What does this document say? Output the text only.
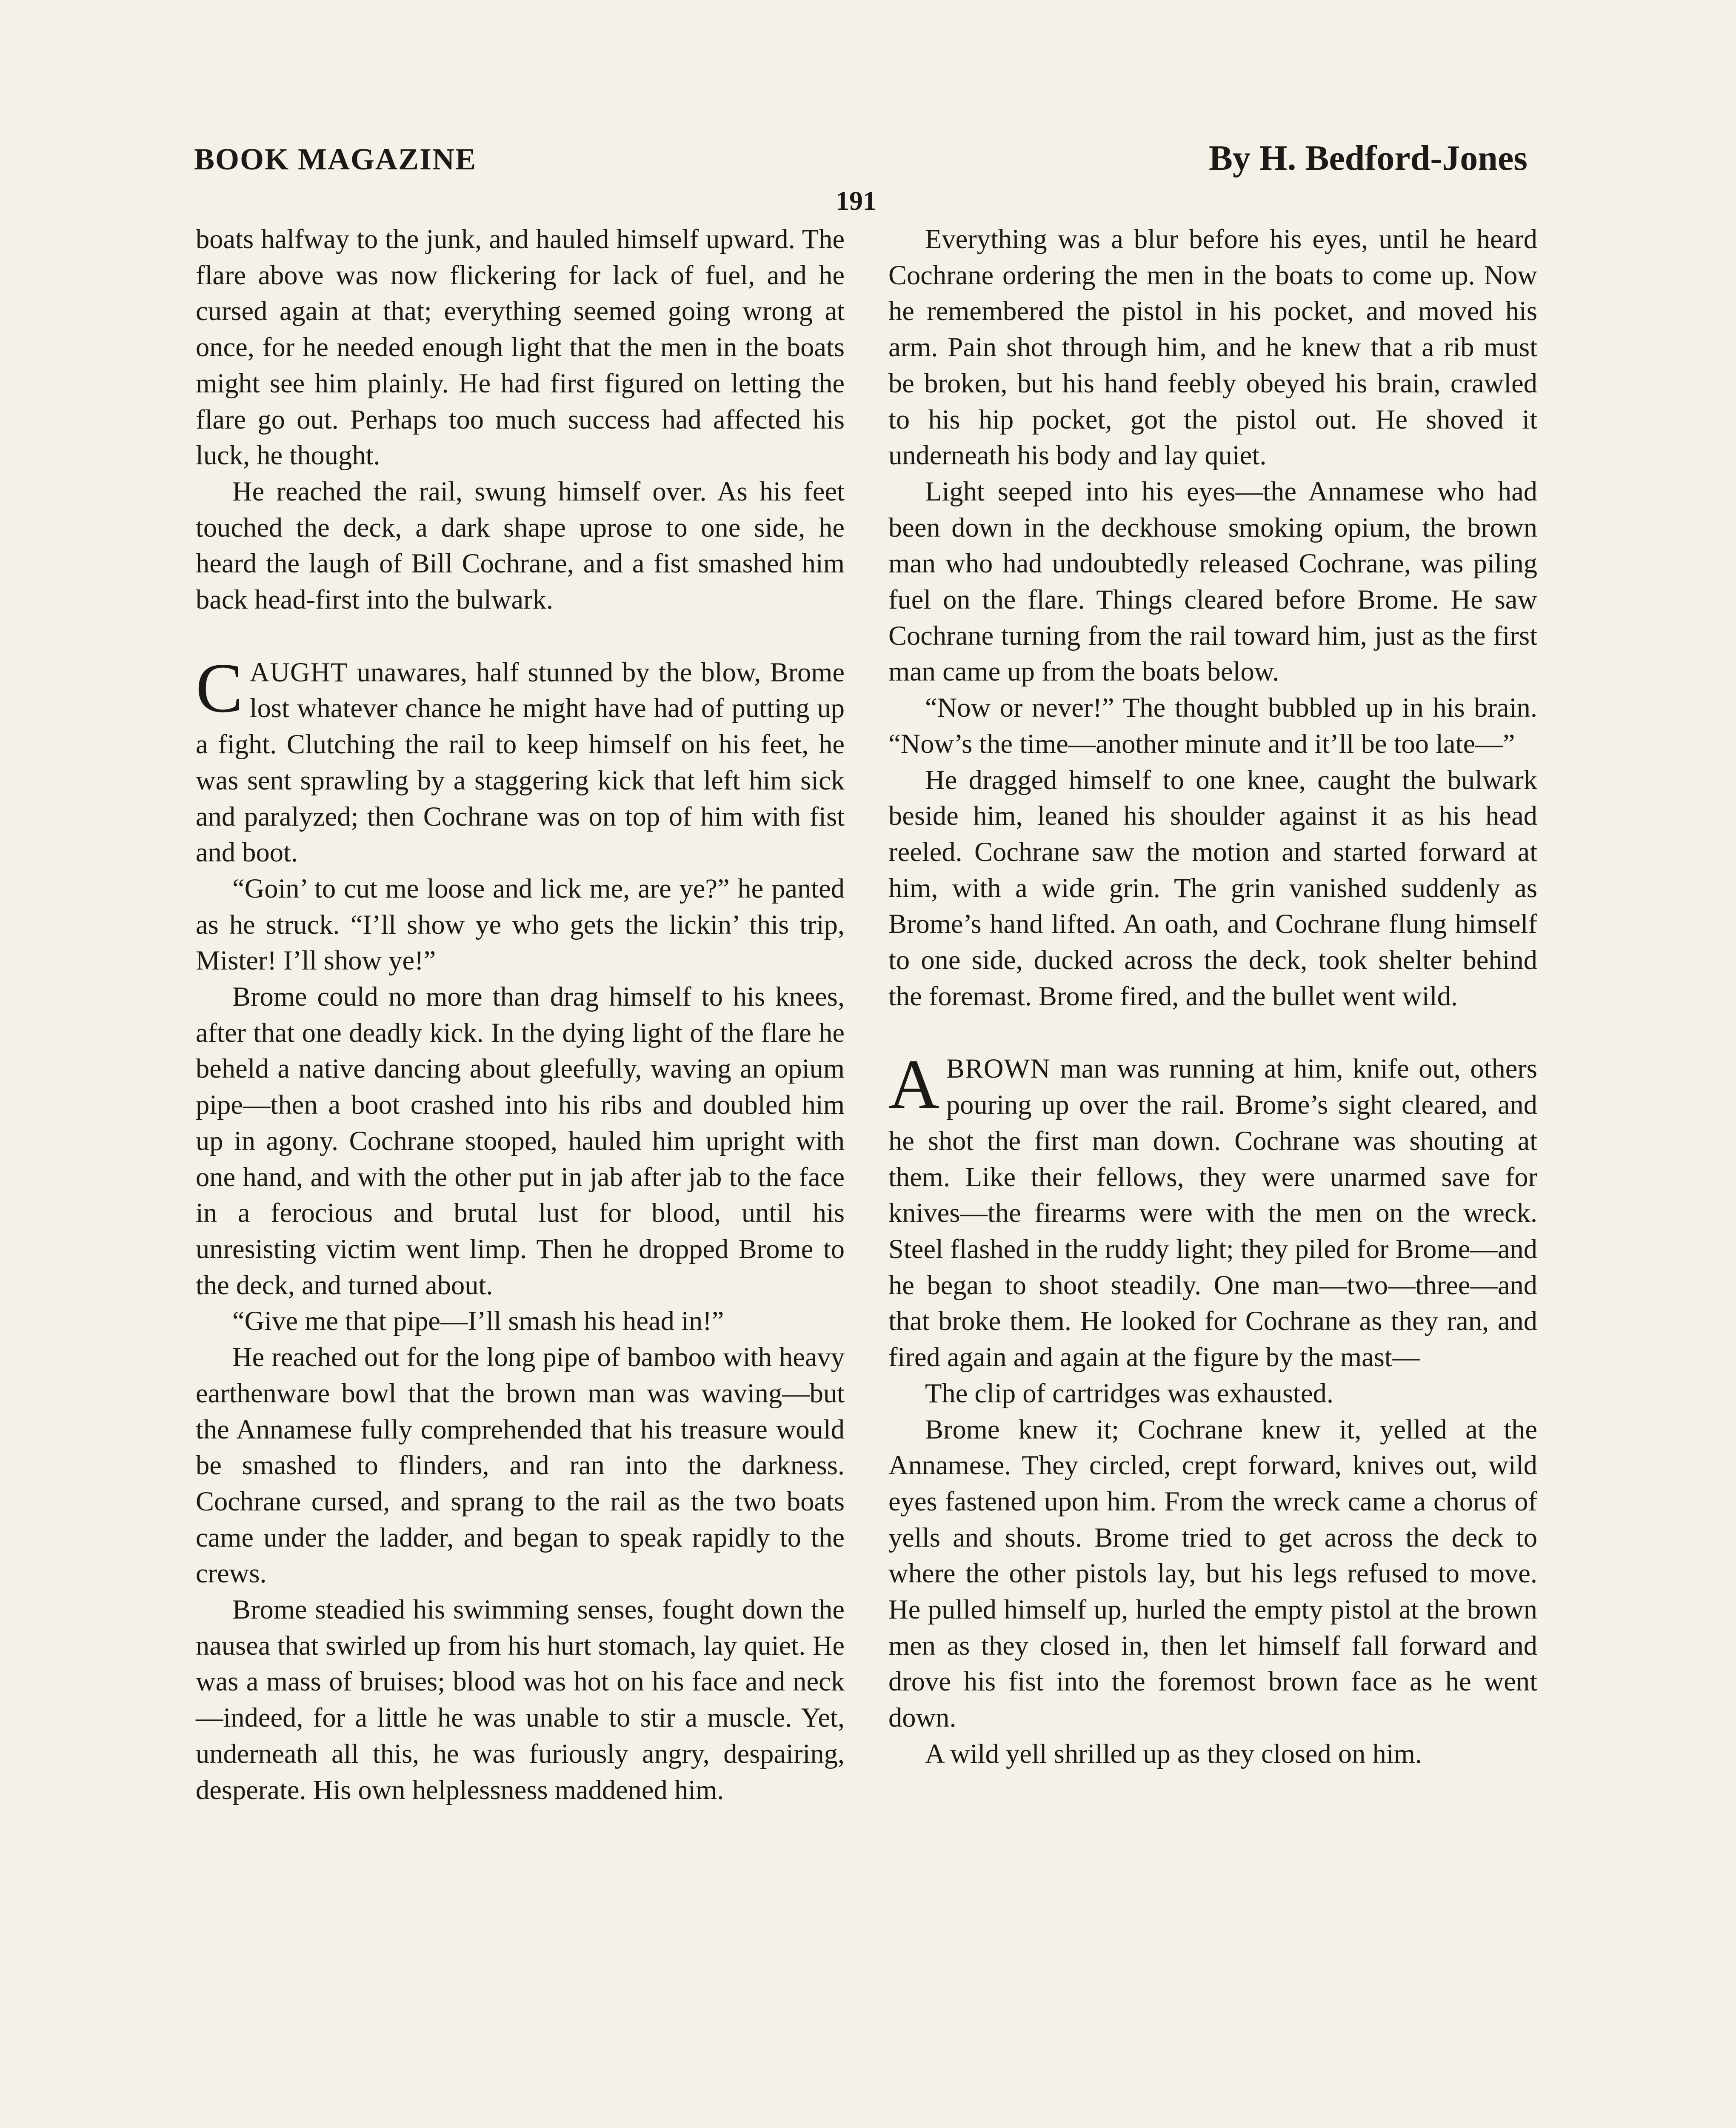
BOOK MAGAZINE	By H. Bedford-Jones
191

boats halfway to the junk, and hauled himself upward. The flare above was now flickering for lack of fuel, and he cursed again at that; everything seemed going wrong at once, for he needed enough light that the men in the boats might see him plainly. He had first figured on letting the flare go out. Perhaps too much success had affected his luck, he thought.

He reached the rail, swung himself over. As his feet touched the deck, a dark shape uprose to one side, he heard the laugh of Bill Cochrane, and a fist smashed him back head-first into the bulwark.

CAUGHT unawares, half stunned by the blow, Brome lost whatever chance he might have had of putting up a fight. Clutching the rail to keep himself on his feet, he was sent sprawling by a staggering kick that left him sick and paralyzed; then Cochrane was on top of him with fist and boot.

“Goin’ to cut me loose and lick me, are ye?” he panted as he struck. “I’ll show ye who gets the lickin’ this trip, Mister! I’ll show ye!”

Brome could no more than drag himself to his knees, after that one deadly kick. In the dying light of the flare he beheld a native dancing about gleefully, waving an opium pipe—then a boot crashed into his ribs and doubled him up in agony. Cochrane stooped, hauled him upright with one hand, and with the other put in jab after jab to the face in a ferocious and brutal lust for blood, until his unresisting victim went limp. Then he dropped Brome to the deck, and turned about.

“Give me that pipe—I’ll smash his head in!”

He reached out for the long pipe of bamboo with heavy earthenware bowl that the brown man was waving—but the Annamese fully comprehended that his treasure would be smashed to flinders, and ran into the darkness. Cochrane cursed, and sprang to the rail as the two boats came under the ladder, and began to speak rapidly to the crews.

Brome steadied his swimming senses, fought down the nausea that swirled up from his hurt stomach, lay quiet. He was a mass of bruises; blood was hot on his face and neck—indeed, for a little he was unable to stir a muscle. Yet, underneath all this, he was furiously angry, despairing, desperate. His own helplessness maddened him.

Everything was a blur before his eyes, until he heard Cochrane ordering the men in the boats to come up. Now he remembered the pistol in his pocket, and moved his arm. Pain shot through him, and he knew that a rib must be broken, but his hand feebly obeyed his brain, crawled to his hip pocket, got the pistol out. He shoved it underneath his body and lay quiet.

Light seeped into his eyes—the Annamese who had been down in the deckhouse smoking opium, the brown man who had undoubtedly released Cochrane, was piling fuel on the flare. Things cleared before Brome. He saw Cochrane turning from the rail toward him, just as the first man came up from the boats below.

“Now or never!” The thought bubbled up in his brain. “Now’s the time—another minute and it’ll be too late—”

He dragged himself to one knee, caught the bulwark beside him, leaned his shoulder against it as his head reeled. Cochrane saw the motion and started forward at him, with a wide grin. The grin vanished suddenly as Brome’s hand lifted. An oath, and Cochrane flung himself to one side, ducked across the deck, took shelter behind the foremast. Brome fired, and the bullet went wild.

ABROWN man was running at him, knife out, others pouring up over the rail. Brome’s sight cleared, and he shot the first man down. Cochrane was shouting at them. Like their fellows, they were unarmed save for knives—the firearms were with the men on the wreck. Steel flashed in the ruddy light; they piled for Brome—and he began to shoot steadily. One man—two—three—and that broke them. He looked for Cochrane as they ran, and fired again and again at the figure by the mast—

The clip of cartridges was exhausted.

Brome knew it; Cochrane knew it, yelled at the Annamese. They circled, crept forward, knives out, wild eyes fastened upon him. From the wreck came a chorus of yells and shouts. Brome tried to get across the deck to where the other pistols lay, but his legs refused to move. He pulled himself up, hurled the empty pistol at the brown men as they closed in, then let himself fall forward and drove his fist into the foremost brown face as he went down.

A wild yell shrilled up as they closed on him.
